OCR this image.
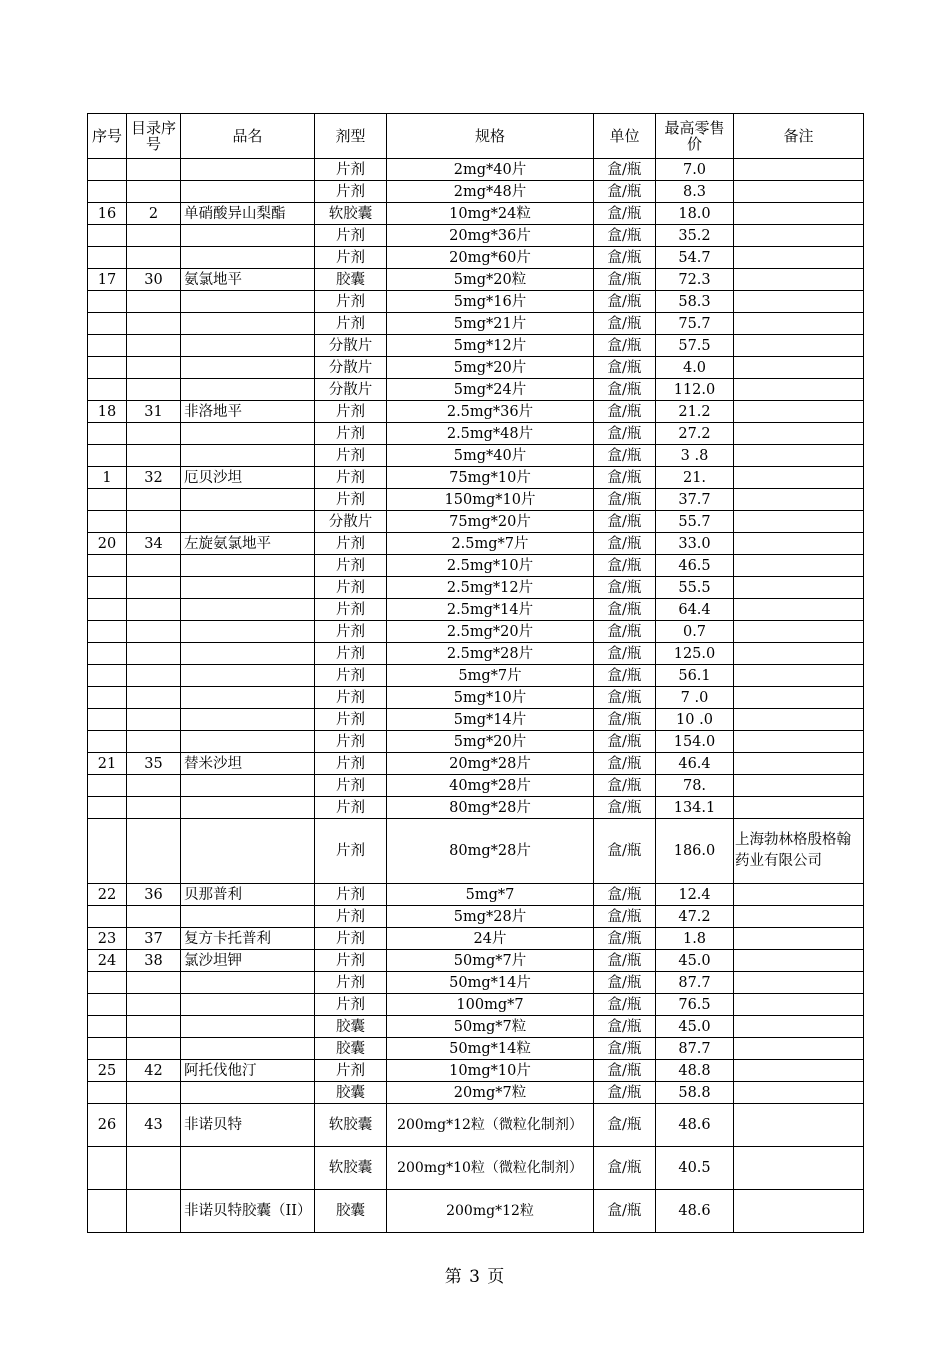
序号	目录序号	品名	剂型	规格	单位	最高零售价	备注
			片剂	2mg*40片	盒/瓶	7.0	
			片剂	2mg*48片	盒/瓶	8.3	
16	2	单硝酸异山梨酯	软胶囊	10mg*24粒	盒/瓶	18.0	
			片剂	20mg*36片	盒/瓶	35.2	
			片剂	20mg*60片	盒/瓶	54.7	
17	30	氨氯地平	胶囊	5mg*20粒	盒/瓶	72.3	
			片剂	5mg*16片	盒/瓶	58.3	
			片剂	5mg*21片	盒/瓶	75.7	
			分散片	5mg*12片	盒/瓶	57.5	
			分散片	5mg*20片	盒/瓶	4.0	
			分散片	5mg*24片	盒/瓶	112.0	
18	31	非洛地平	片剂	2.5mg*36片	盒/瓶	21.2	
			片剂	2.5mg*48片	盒/瓶	27.2	
			片剂	5mg*40片	盒/瓶	3 .8	
1	32	厄贝沙坦	片剂	75mg*10片	盒/瓶	21.	
			片剂	150mg*10片	盒/瓶	37.7	
			分散片	75mg*20片	盒/瓶	55.7	
20	34	左旋氨氯地平	片剂	2.5mg*7片	盒/瓶	33.0	
			片剂	2.5mg*10片	盒/瓶	46.5	
			片剂	2.5mg*12片	盒/瓶	55.5	
			片剂	2.5mg*14片	盒/瓶	64.4	
			片剂	2.5mg*20片	盒/瓶	0.7	
			片剂	2.5mg*28片	盒/瓶	125.0	
			片剂	5mg*7片	盒/瓶	56.1	
			片剂	5mg*10片	盒/瓶	7 .0	
			片剂	5mg*14片	盒/瓶	10 .0	
			片剂	5mg*20片	盒/瓶	154.0	
21	35	替米沙坦	片剂	20mg*28片	盒/瓶	46.4	
			片剂	40mg*28片	盒/瓶	78.	
			片剂	80mg*28片	盒/瓶	134.1	
			片剂	80mg*28片	盒/瓶	186.0	上海勃林格殷格翰药业有限公司
22	36	贝那普利	片剂	5mg*7	盒/瓶	12.4	
			片剂	5mg*28片	盒/瓶	47.2	
23	37	复方卡托普利	片剂	24片	盒/瓶	1.8	
24	38	氯沙坦钾	片剂	50mg*7片	盒/瓶	45.0	
			片剂	50mg*14片	盒/瓶	87.7	
			片剂	100mg*7	盒/瓶	76.5	
			胶囊	50mg*7粒	盒/瓶	45.0	
			胶囊	50mg*14粒	盒/瓶	87.7	
25	42	阿托伐他汀	片剂	10mg*10片	盒/瓶	48.8	
			胶囊	20mg*7粒	盒/瓶	58.8	
26	43	非诺贝特	软胶囊	200mg*12粒（微粒化制剂）	盒/瓶	48.6	
			软胶囊	200mg*10粒（微粒化制剂）	盒/瓶	40.5	
		非诺贝特胶囊（II）	胶囊	200mg*12粒	盒/瓶	48.6	
第 3 页
